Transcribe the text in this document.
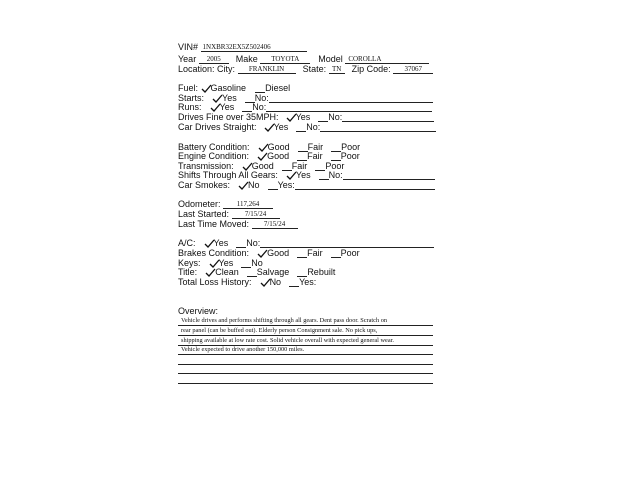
VIN# 1NXBR32EX5Z502406
Year	2005	Make	TOYOTA	Model COROLLA
Location: City:	FRANKLIN	State: TN	Zip Code:	37067
Fuel: Gasoline Diesel
Starts: Yes No:
Runs: Yes No:
Drives Fine over 35MPH: Yes No:
Car Drives Straight: Yes No:
Battery Condition: Good Fair Poor
Engine Condition: Good Fair Poor
Transmission: Good Fair Poor
Shifts Through All Gears: Yes No:
Car Smokes: No Yes:
Odometer:	117,264
Last Started:	7/15/24
Last Time Moved:	7/15/24
A/C: Yes No:
Brakes Condition: Good Fair Poor
Keys: Yes No
Title: Clean Salvage Rebuilt
Total Loss History: No Yes:
Overview:
Vehicle drives and performs shifting through all gears. Dent pass door. Scratch on
rear panel (can be buffed out). Elderly person Consignment sale. No pick ups,
shipping available at low rate cost. Solid vehicle overall with expected general wear.
Vehicle expected to drive another 150,000 miles.
